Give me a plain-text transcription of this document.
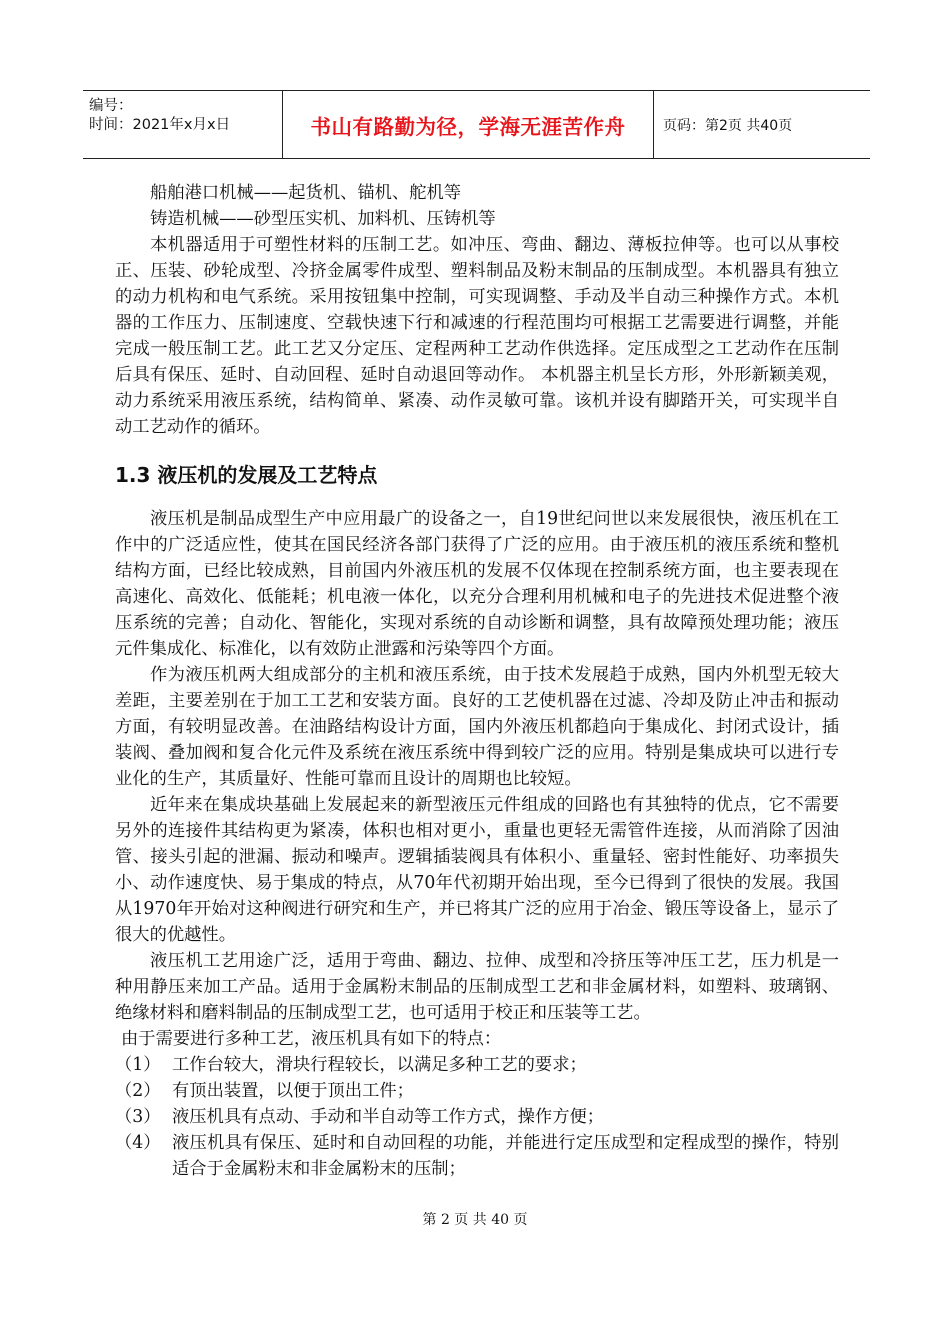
编号：
时间：2021年x月x日	书山有路勤为径，学海无涯苦作舟	页码：第2页 共40页

船舶港口机械——起货机、锚机、舵机等

铸造机械——砂型压实机、加料机、压铸机等

本机器适用于可塑性材料的压制工艺。如冲压、弯曲、翻边、薄板拉伸等。也可以从事校正、压装、砂轮成型、冷挤金属零件成型、塑料制品及粉末制品的压制成型。本机器具有独立的动力机构和电气系统。采用按钮集中控制，可实现调整、手动及半自动三种操作方式。本机器的工作压力、压制速度、空载快速下行和减速的行程范围均可根据工艺需要进行调整，并能完成一般压制工艺。此工艺又分定压、定程两种工艺动作供选择。定压成型之工艺动作在压制后具有保压、延时、自动回程、延时自动退回等动作。 本机器主机呈长方形，外形新颖美观，动力系统采用液压系统，结构简单、紧凑、动作灵敏可靠。该机并设有脚踏开关，可实现半自动工艺动作的循环。

1.3 液压机的发展及工艺特点

液压机是制品成型生产中应用最广的设备之一，自19世纪问世以来发展很快，液压机在工作中的广泛适应性，使其在国民经济各部门获得了广泛的应用。由于液压机的液压系统和整机结构方面，已经比较成熟，目前国内外液压机的发展不仅体现在控制系统方面，也主要表现在高速化、高效化、低能耗；机电液一体化，以充分合理利用机械和电子的先进技术促进整个液压系统的完善；自动化、智能化，实现对系统的自动诊断和调整，具有故障预处理功能；液压元件集成化、标准化，以有效防止泄露和污染等四个方面。

作为液压机两大组成部分的主机和液压系统，由于技术发展趋于成熟，国内外机型无较大差距，主要差别在于加工工艺和安装方面。良好的工艺使机器在过滤、冷却及防止冲击和振动方面，有较明显改善。在油路结构设计方面，国内外液压机都趋向于集成化、封闭式设计，插装阀、叠加阀和复合化元件及系统在液压系统中得到较广泛的应用。特别是集成块可以进行专业化的生产，其质量好、性能可靠而且设计的周期也比较短。

近年来在集成块基础上发展起来的新型液压元件组成的回路也有其独特的优点，它不需要另外的连接件其结构更为紧凑，体积也相对更小，重量也更轻无需管件连接，从而消除了因油管、接头引起的泄漏、振动和噪声。逻辑插装阀具有体积小、重量轻、密封性能好、功率损失小、动作速度快、易于集成的特点，从70年代初期开始出现，至今已得到了很快的发展。我国从1970年开始对这种阀进行研究和生产，并已将其广泛的应用于冶金、锻压等设备上，显示了很大的优越性。

液压机工艺用途广泛，适用于弯曲、翻边、拉伸、成型和冷挤压等冲压工艺，压力机是一种用静压来加工产品。适用于金属粉末制品的压制成型工艺和非金属材料，如塑料、玻璃钢、绝缘材料和磨料制品的压制成型工艺，也可适用于校正和压装等工艺。

由于需要进行多种工艺，液压机具有如下的特点：

（1） 工作台较大，滑块行程较长，以满足多种工艺的要求；
（2） 有顶出装置，以便于顶出工件；
（3） 液压机具有点动、手动和半自动等工作方式，操作方便；
（4） 液压机具有保压、延时和自动回程的功能，并能进行定压成型和定程成型的操作，特别适合于金属粉末和非金属粉末的压制；
第 2 页 共 40 页
